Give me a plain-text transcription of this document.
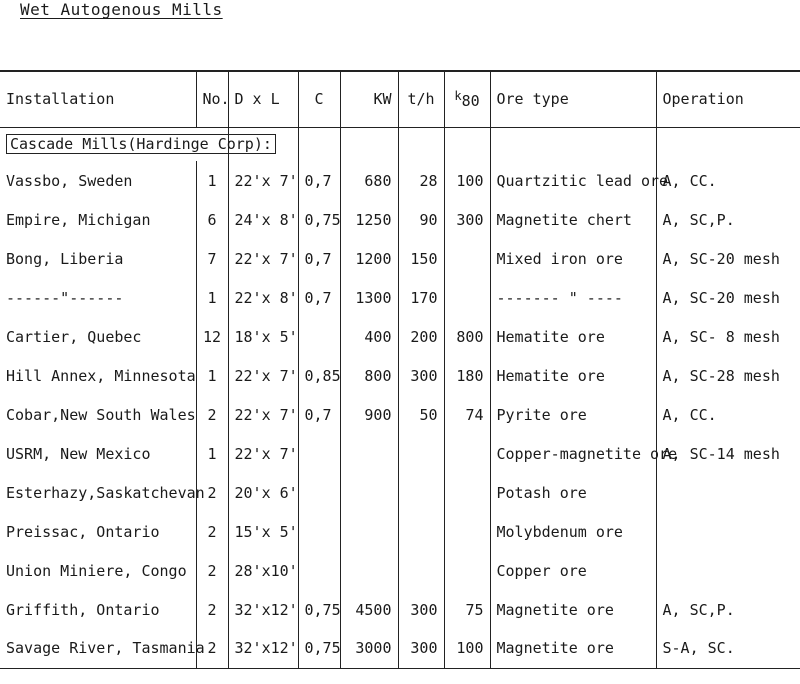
Wet Autogenous Mills
Installation	No.	D x L	C	KW	t/h	$^k$80	Ore type	Operation
Cascade Mills(Hardinge Corp):								
Vassbo, Sweden	1	22'x 7'	0,7	680	28	100	Quartzitic lead ore	A, CC.
Empire, Michigan	6	24'x 8'	0,75	1250	90	300	Magnetite chert	A, SC,P.
Bong, Liberia	7	22'x 7'	0,7	1200	150		Mixed iron ore	A, SC-20 mesh
------"------	1	22'x 8'	0,7	1300	170		------- " ----	A, SC-20 mesh
Cartier, Quebec	12	18'x 5'		400	200	800	Hematite ore	A, SC- 8 mesh
Hill Annex, Minnesota	1	22'x 7'	0,85	800	300	180	Hematite ore	A, SC-28 mesh
Cobar,New South Wales	2	22'x 7'	0,7	900	50	74	Pyrite ore	A, CC.
USRM, New Mexico	1	22'x 7'					Copper-magnetite ore	A, SC-14 mesh
Esterhazy,Saskatchevan	2	20'x 6'					Potash ore	
Preissac, Ontario	2	15'x 5'					Molybdenum ore	
Union Miniere, Congo	2	28'x10'					Copper ore	
Griffith, Ontario	2	32'x12'	0,75	4500	300	75	Magnetite ore	A, SC,P.
Savage River, Tasmania	2	32'x12'	0,75	3000	300	100	Magnetite ore	S-A, SC.
